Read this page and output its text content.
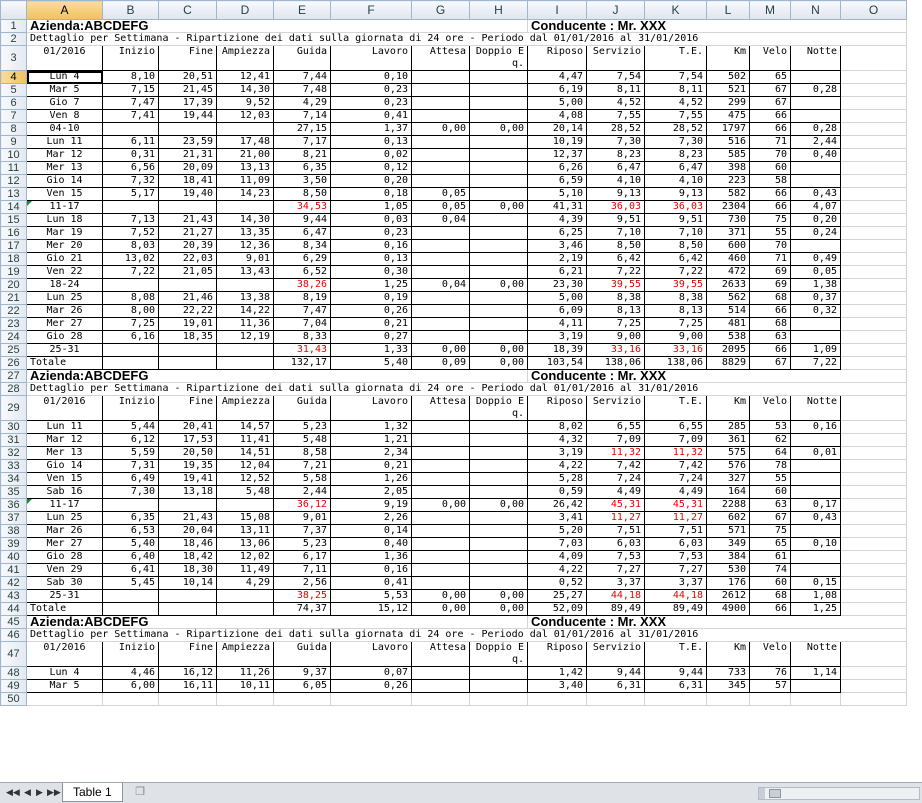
	A	B	C	D	E	F	G	H	I	J	K	L	M	N	O
1	Azienda:ABCDEFG								Conducente : Mr. XXX						
2	Dettaglio per Settimana - Ripartizione dei dati sulla giornata di 24 ore - Periodo dal 01/01/2016 al 31/01/2016														
3	01/2016	Inizio	Fine	Ampiezza	Guida	Lavoro	Attesa	Doppio Eq.	Riposo	Servizio	T.E.	Km	Velo	Notte	

4	Lun 4	8,10	20,51	12,41	7,44	0,10			4,47	7,54	7,54	502	65		
5	Mar 5	7,15	21,45	14,30	7,48	0,23			6,19	8,11	8,11	521	67	0,28	
6	Gio 7	7,47	17,39	9,52	4,29	0,23			5,00	4,52	4,52	299	67		
7	Ven 8	7,41	19,44	12,03	7,14	0,41			4,08	7,55	7,55	475	66		
8	04-10				27,15	1,37	0,00	0,00	20,14	28,52	28,52	1797	66	0,28	
9	Lun 11	6,11	23,59	17,48	7,17	0,13			10,19	7,30	7,30	516	71	2,44	
10	Mar 12	0,31	21,31	21,00	8,21	0,02			12,37	8,23	8,23	585	70	0,40	
11	Mer 13	6,56	20,09	13,13	6,35	0,12			6,26	6,47	6,47	398	60		
12	Gio 14	7,32	18,41	11,09	3,50	0,20			6,59	4,10	4,10	223	58		
13	Ven 15	5,17	19,40	14,23	8,50	0,18	0,05		5,10	9,13	9,13	582	66	0,43	
14	11-17				34,53	1,05	0,05	0,00	41,31	36,03	36,03	2304	66	4,07	
15	Lun 18	7,13	21,43	14,30	9,44	0,03	0,04		4,39	9,51	9,51	730	75	0,20	
16	Mar 19	7,52	21,27	13,35	6,47	0,23			6,25	7,10	7,10	371	55	0,24	
17	Mer 20	8,03	20,39	12,36	8,34	0,16			3,46	8,50	8,50	600	70		
18	Gio 21	13,02	22,03	9,01	6,29	0,13			2,19	6,42	6,42	460	71	0,49	
19	Ven 22	7,22	21,05	13,43	6,52	0,30			6,21	7,22	7,22	472	69	0,05	
20	18-24				38,26	1,25	0,04	0,00	23,30	39,55	39,55	2633	69	1,38	
21	Lun 25	8,08	21,46	13,38	8,19	0,19			5,00	8,38	8,38	562	68	0,37	
22	Mar 26	8,00	22,22	14,22	7,47	0,26			6,09	8,13	8,13	514	66	0,32	
23	Mer 27	7,25	19,01	11,36	7,04	0,21			4,11	7,25	7,25	481	68		
24	Gio 28	6,16	18,35	12,19	8,33	0,27			3,19	9,00	9,00	538	63		
25	25-31				31,43	1,33	0,00	0,00	18,39	33,16	33,16	2095	66	1,09	
26	Totale				132,17	5,40	0,09	0,00	103,54	138,06	138,06	8829	67	7,22	
27	Azienda:ABCDEFG								Conducente : Mr. XXX						
28	Dettaglio per Settimana - Ripartizione dei dati sulla giornata di 24 ore - Periodo dal 01/01/2016 al 31/01/2016														
29	01/2016	Inizio	Fine	Ampiezza	Guida	Lavoro	Attesa	Doppio Eq.	Riposo	Servizio	T.E.	Km	Velo	Notte	

30	Lun 11	5,44	20,41	14,57	5,23	1,32			8,02	6,55	6,55	285	53	0,16	
31	Mar 12	6,12	17,53	11,41	5,48	1,21			4,32	7,09	7,09	361	62		
32	Mer 13	5,59	20,50	14,51	8,58	2,34			3,19	11,32	11,32	575	64	0,01	
33	Gio 14	7,31	19,35	12,04	7,21	0,21			4,22	7,42	7,42	576	78		
34	Ven 15	6,49	19,41	12,52	5,58	1,26			5,28	7,24	7,24	327	55		
35	Sab 16	7,30	13,18	5,48	2,44	2,05			0,59	4,49	4,49	164	60		
36	11-17				36,12	9,19	0,00	0,00	26,42	45,31	45,31	2288	63	0,17	
37	Lun 25	6,35	21,43	15,08	9,01	2,26			3,41	11,27	11,27	602	67	0,43	
38	Mar 26	6,53	20,04	13,11	7,37	0,14			5,20	7,51	7,51	571	75		
39	Mer 27	5,40	18,46	13,06	5,23	0,40			7,03	6,03	6,03	349	65	0,10	
40	Gio 28	6,40	18,42	12,02	6,17	1,36			4,09	7,53	7,53	384	61		
41	Ven 29	6,41	18,30	11,49	7,11	0,16			4,22	7,27	7,27	530	74		
42	Sab 30	5,45	10,14	4,29	2,56	0,41			0,52	3,37	3,37	176	60	0,15	
43	25-31				38,25	5,53	0,00	0,00	25,27	44,18	44,18	2612	68	1,08	
44	Totale				74,37	15,12	0,00	0,00	52,09	89,49	89,49	4900	66	1,25	
45	Azienda:ABCDEFG								Conducente : Mr. XXX						
46	Dettaglio per Settimana - Ripartizione dei dati sulla giornata di 24 ore - Periodo dal 01/01/2016 al 31/01/2016														
47	01/2016	Inizio	Fine	Ampiezza	Guida	Lavoro	Attesa	Doppio Eq.	Riposo	Servizio	T.E.	Km	Velo	Notte	

48	Lun 4	4,46	16,12	11,26	9,37	0,07			1,42	9,44	9,44	733	76	1,14	
49	Mar 5	6,00	16,11	10,11	6,05	0,26			3,40	6,31	6,31	345	57		
50															
◀◀ ◀ ▶ ▶▶	Table 1	❐
